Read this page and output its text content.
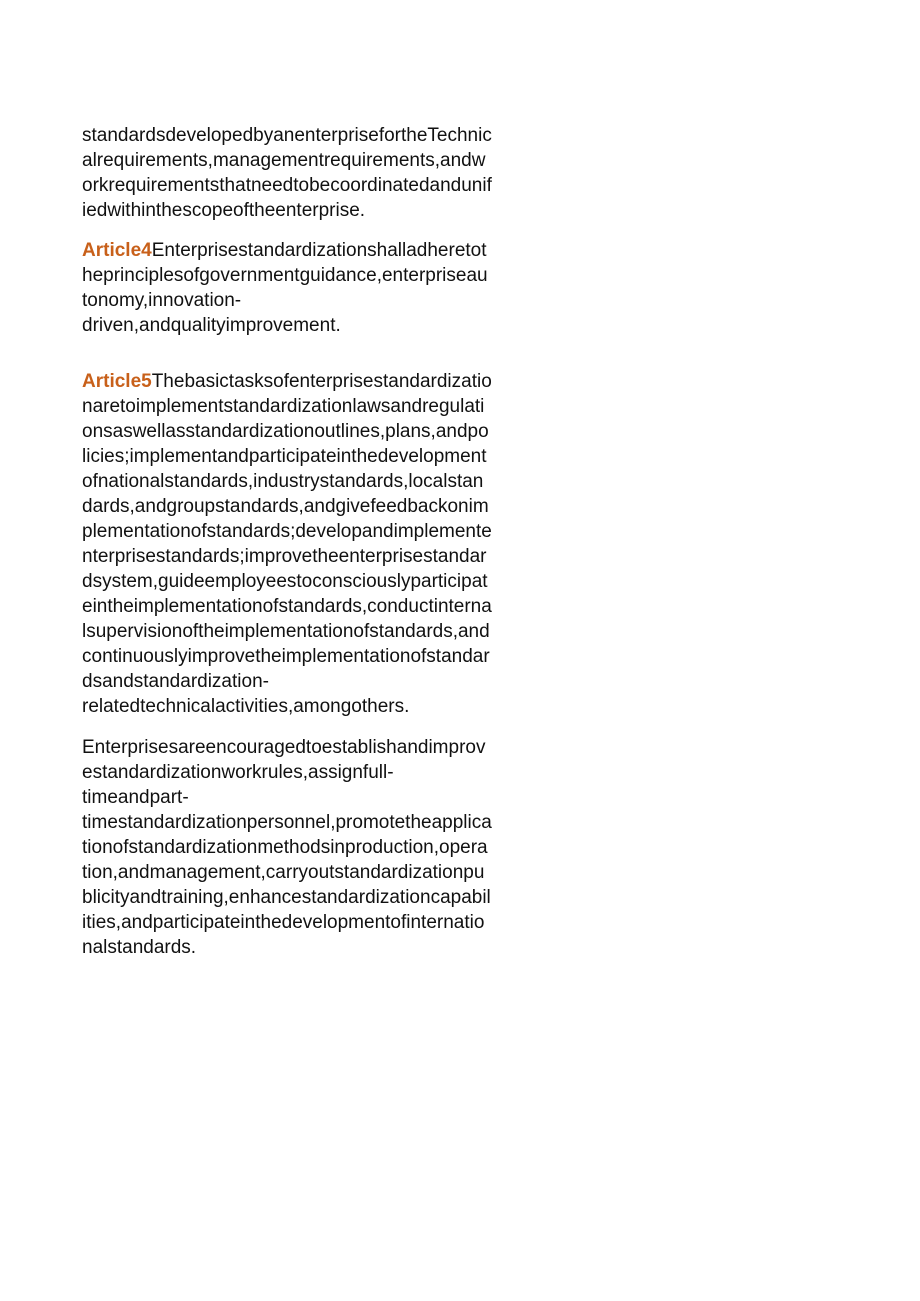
standardsdevelopedbyanenterprisefortheTechnic
alrequirements,managementrequirements,andw
orkrequirementsthatneedtobecoordinatedandunif
iedwithinthescopeoftheenterprise.

Article4Enterprisestandardizationshalladheretot
heprinciplesofgovernmentguidance,enterpriseau
tonomy,innovation-
driven,andqualityimprovement.

Article5Thebasictasksofenterprisestandardizatio
naretoimplementstandardizationlawsandregulati
onsaswellasstandardizationoutlines,plans,andpo
licies;implementandparticipateinthedevelopment
ofnationalstandards,industrystandards,localstan
dards,andgroupstandards,andgivefeedbackonim
plementationofstandards;developandimplemente
nterprisestandards;improvetheenterprisestandar
dsystem,guideemployeestoconsciouslyparticipat
eintheimplementationofstandards,conductinterna
lsupervisionoftheimplementationofstandards,and
continuouslyimprovetheimplementationofstandar
dsandstandardization-
relatedtechnicalactivities,amongothers.

Enterprisesareencouragedtoestablishandimprov
estandardizationworkrules,assignfull-
timeandpart-
timestandardizationpersonnel,promotetheapplica
tionofstandardizationmethodsinproduction,opera
tion,andmanagement,carryoutstandardizationpu
blicityandtraining,enhancestandardizationcapabil
ities,andparticipateinthedevelopmentofinternatio
nalstandards.
